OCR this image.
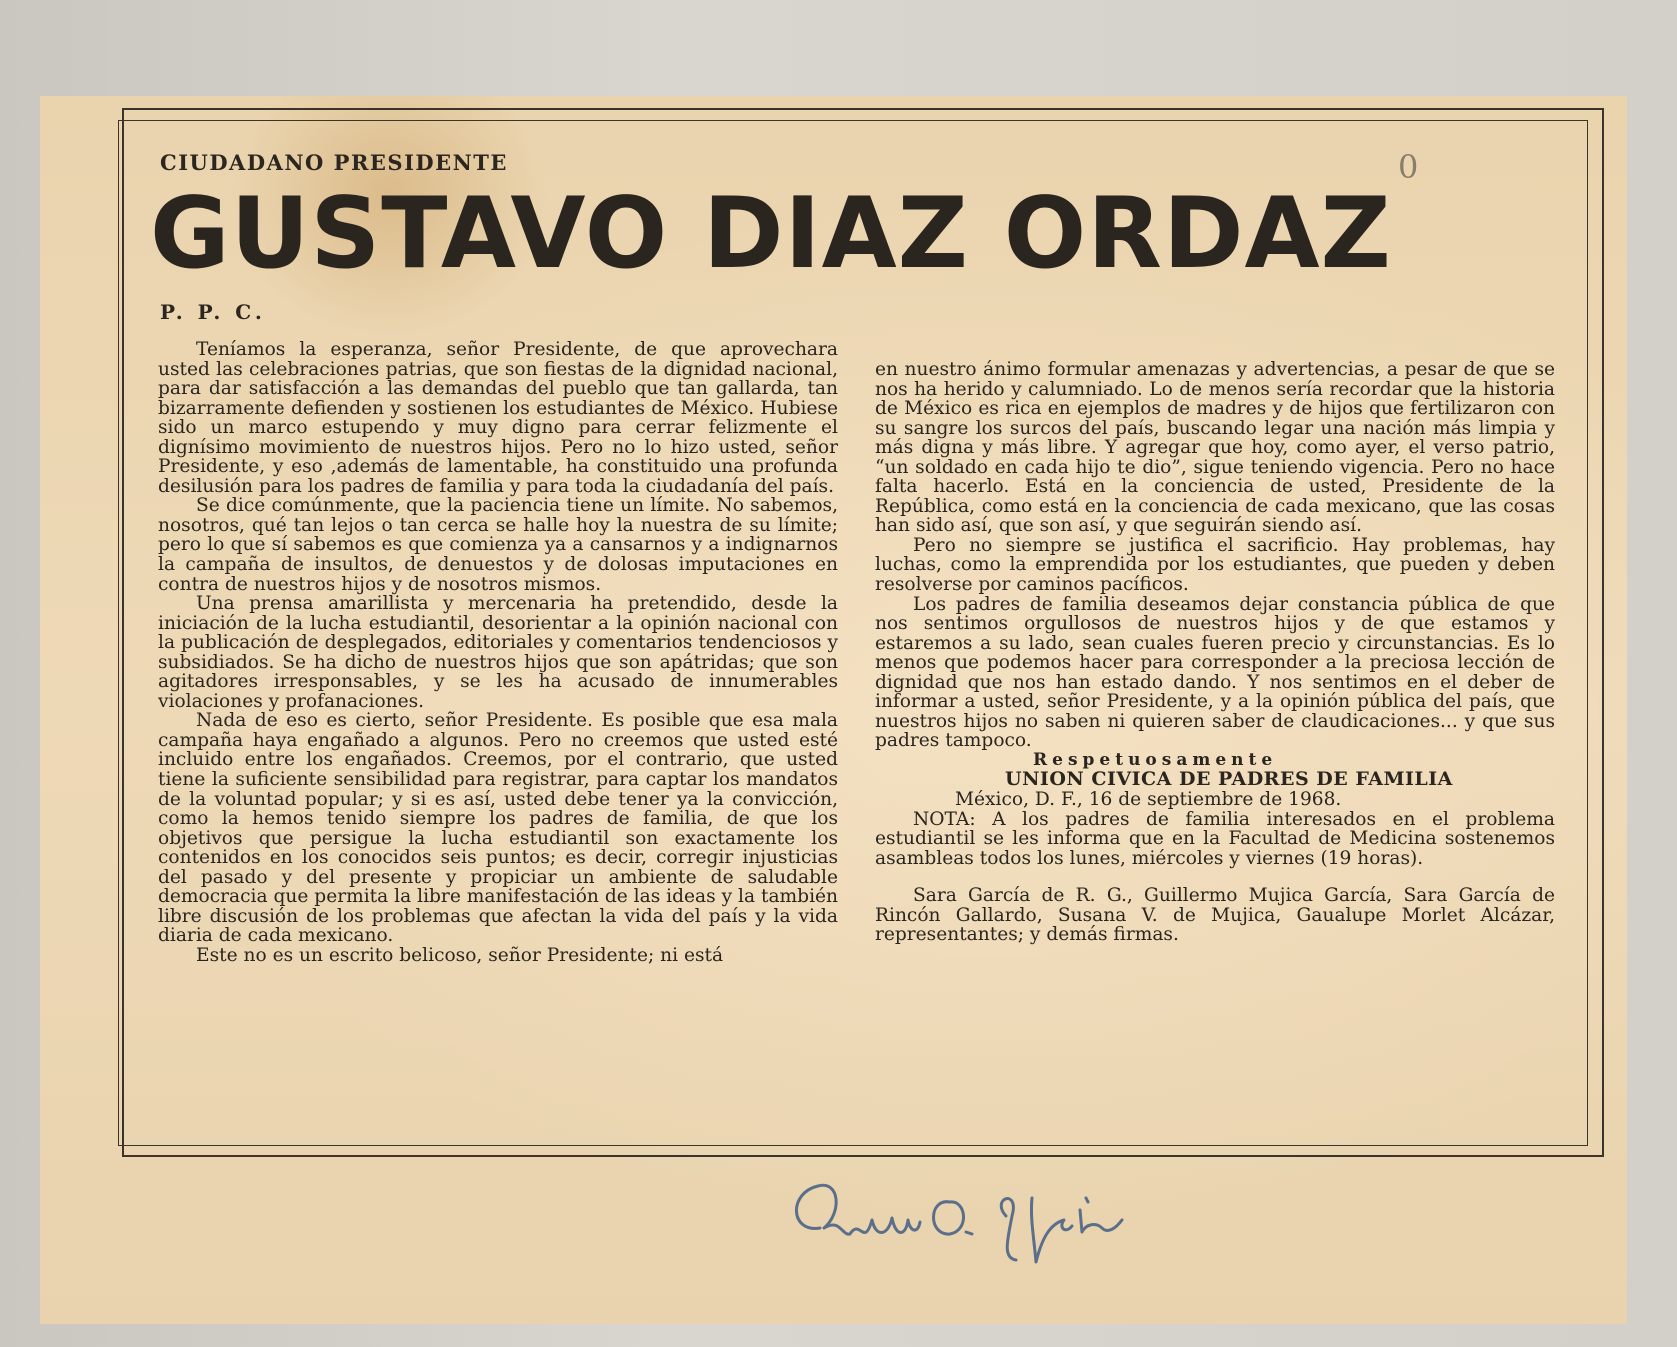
CIUDADANO PRESIDENTE
GUSTAVO DIAZ ORDAZ
P. P. C.
0

Teníamos la esperanza, señor Presidente, de que aprovechara usted las celebraciones patrias, que son fiestas de la dignidad nacional, para dar satisfacción a las demandas del pueblo que tan gallarda, tan bizarramente defienden y sostienen los estudiantes de México. Hubiese sido un marco estupendo y muy digno para cerrar felizmente el dignísimo movimiento de nuestros hijos. Pero no lo hizo usted, señor Presidente, y eso ,además de lamentable, ha constituido una profunda desilusión para los padres de familia y para toda la ciudadanía del país.

Se dice comúnmente, que la paciencia tiene un límite. No sabemos, nosotros, qué tan lejos o tan cerca se halle hoy la nuestra de su límite; pero lo que sí sabemos es que comienza ya a cansarnos y a indignarnos la campaña de insultos, de denuestos y de dolosas imputaciones en contra de nuestros hijos y de nosotros mismos.

Una prensa amarillista y mercenaria ha pretendido, desde la iniciación de la lucha estudiantil, desorientar a la opinión nacional con la publicación de desplegados, editoriales y comentarios tendenciosos y subsidiados. Se ha dicho de nuestros hijos que son apátridas; que son agitadores irresponsables, y se les ha acusado de innumerables violaciones y profanaciones.

Nada de eso es cierto, señor Presidente. Es posible que esa mala campaña haya engañado a algunos. Pero no creemos que usted esté incluido entre los engañados. Creemos, por el contrario, que usted tiene la suficiente sensibilidad para registrar, para captar los mandatos de la voluntad popular; y si es así, usted debe tener ya la convicción, como la hemos tenido siempre los padres de familia, de que los objetivos que persigue la lucha estudiantil son exactamente los contenidos en los conocidos seis puntos; es decir, corregir injusticias del pasado y del presente y propiciar un ambiente de saludable democracia que permita la libre manifestación de las ideas y la también libre discusión de los problemas que afectan la vida del país y la vida diaria de cada mexicano.

Este no es un escrito belicoso, señor Presidente; ni está

en nuestro ánimo formular amenazas y advertencias, a pesar de que se nos ha herido y calumniado. Lo de menos sería recordar que la historia de México es rica en ejemplos de madres y de hijos que fertilizaron con su sangre los surcos del país, buscando legar una nación más limpia y más digna y más libre. Y agregar que hoy, como ayer, el verso patrio, “un soldado en cada hijo te dio”, sigue teniendo vigencia. Pero no hace falta hacerlo. Está en la conciencia de usted, Presidente de la República, como está en la conciencia de cada mexicano, que las cosas han sido así, que son así, y que seguirán siendo así.

Pero no siempre se justifica el sacrificio. Hay problemas, hay luchas, como la emprendida por los estudiantes, que pueden y deben resolverse por caminos pacíficos.

Los padres de familia deseamos dejar constancia pública de que nos sentimos orgullosos de nuestros hijos y de que estamos y estaremos a su lado, sean cuales fueren precio y circunstancias. Es lo menos que podemos hacer para corresponder a la preciosa lección de dignidad que nos han estado dando. Y nos sentimos en el deber de informar a usted, señor Presidente, y a la opinión pública del país, que nuestros hijos no saben ni quieren saber de claudicaciones... y que sus padres tampoco.

Respetuosamente

UNION CIVICA DE PADRES DE FAMILIA

México, D. F., 16 de septiembre de 1968.

NOTA: A los padres de familia interesados en el problema estudiantil se les informa que en la Facultad de Medicina sostenemos asambleas todos los lunes, miércoles y viernes (19 horas).

Sara García de R. G., Guillermo Mujica García, Sara García de Rincón Gallardo, Susana V. de Mujica, Gaualupe Morlet Alcázar, representantes; y demás firmas.
